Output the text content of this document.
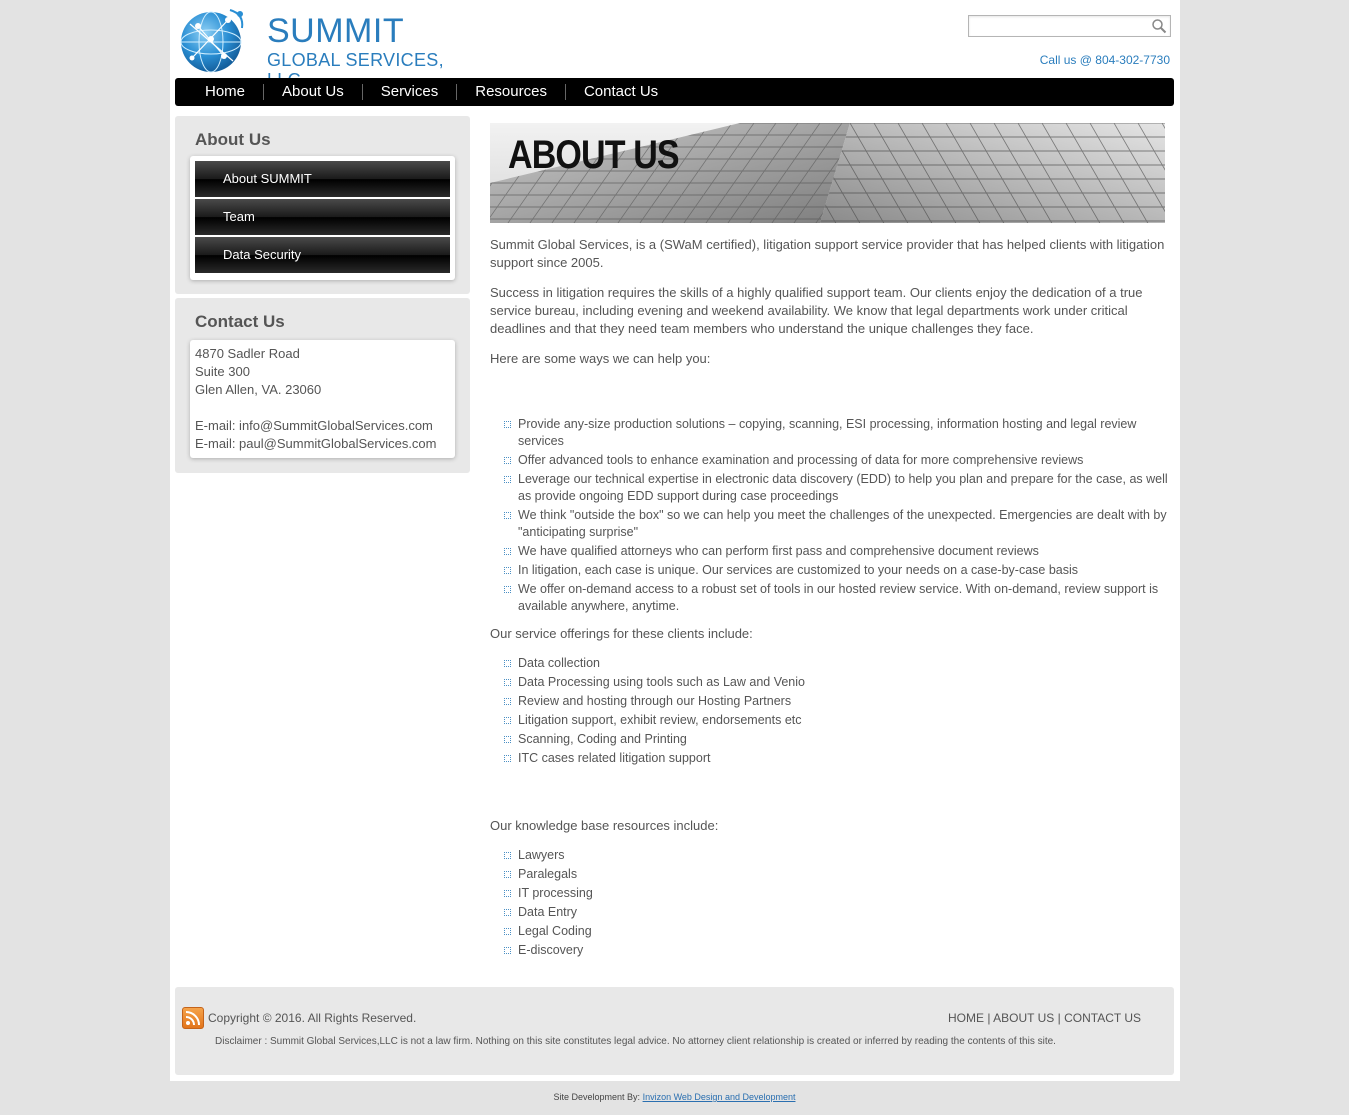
SUMMIT
GLOBAL SERVICES,	Call us @ 804-302-7730
Home	About Us	Services	Resources	Contact Us
About Us
About SUMMIT
Team
Data Security
Contact Us
4870 Sadler Road
Suite 300
Glen Allen, VA. 23060
E-mail: info@SummitGlobalServices.com
E-mail: paul@SummitGlobalServices.com
ABOUT US

Summit Global Services, is a (SWaM certified), litigation support service provider that has helped clients with litigation support since 2005.

Success in litigation requires the skills of a highly qualified support team. Our clients enjoy the dedication of a true service bureau, including evening and weekend availability. We know that legal departments work under critical deadlines and that they need team members who understand the unique challenges they face.

Here are some ways we can help you:

Provide any-size production solutions – copying, scanning, ESI processing, information hosting and legal review services
Offer advanced tools to enhance examination and processing of data for more comprehensive reviews
Leverage our technical expertise in electronic data discovery (EDD) to help you plan and prepare for the case, as well as provide ongoing EDD support during case proceedings
We think "outside the box" so we can help you meet the challenges of the unexpected. Emergencies are dealt with by "anticipating surprise"
We have qualified attorneys who can perform first pass and comprehensive document reviews
In litigation, each case is unique. Our services are customized to your needs on a case-by-case basis
We offer on-demand access to a robust set of tools in our hosted review service. With on-demand, review support is available anywhere, anytime.

Our service offerings for these clients include:

Data collection
Data Processing using tools such as Law and Venio
Review and hosting through our Hosting Partners
Litigation support, exhibit review, endorsements etc
Scanning, Coding and Printing
ITC cases related litigation support

Our knowledge base resources include:

Lawyers
Paralegals
IT processing
Data Entry
Legal Coding
E-discovery
Copyright © 2016. All Rights Reserved.	HOME | ABOUT US | CONTACT US
Disclaimer : Summit Global Services,LLC is not a law firm. Nothing on this site constitutes legal advice. No attorney client relationship is created or inferred by reading the contents of this site.
Site Development By: Invizon Web Design and Development
